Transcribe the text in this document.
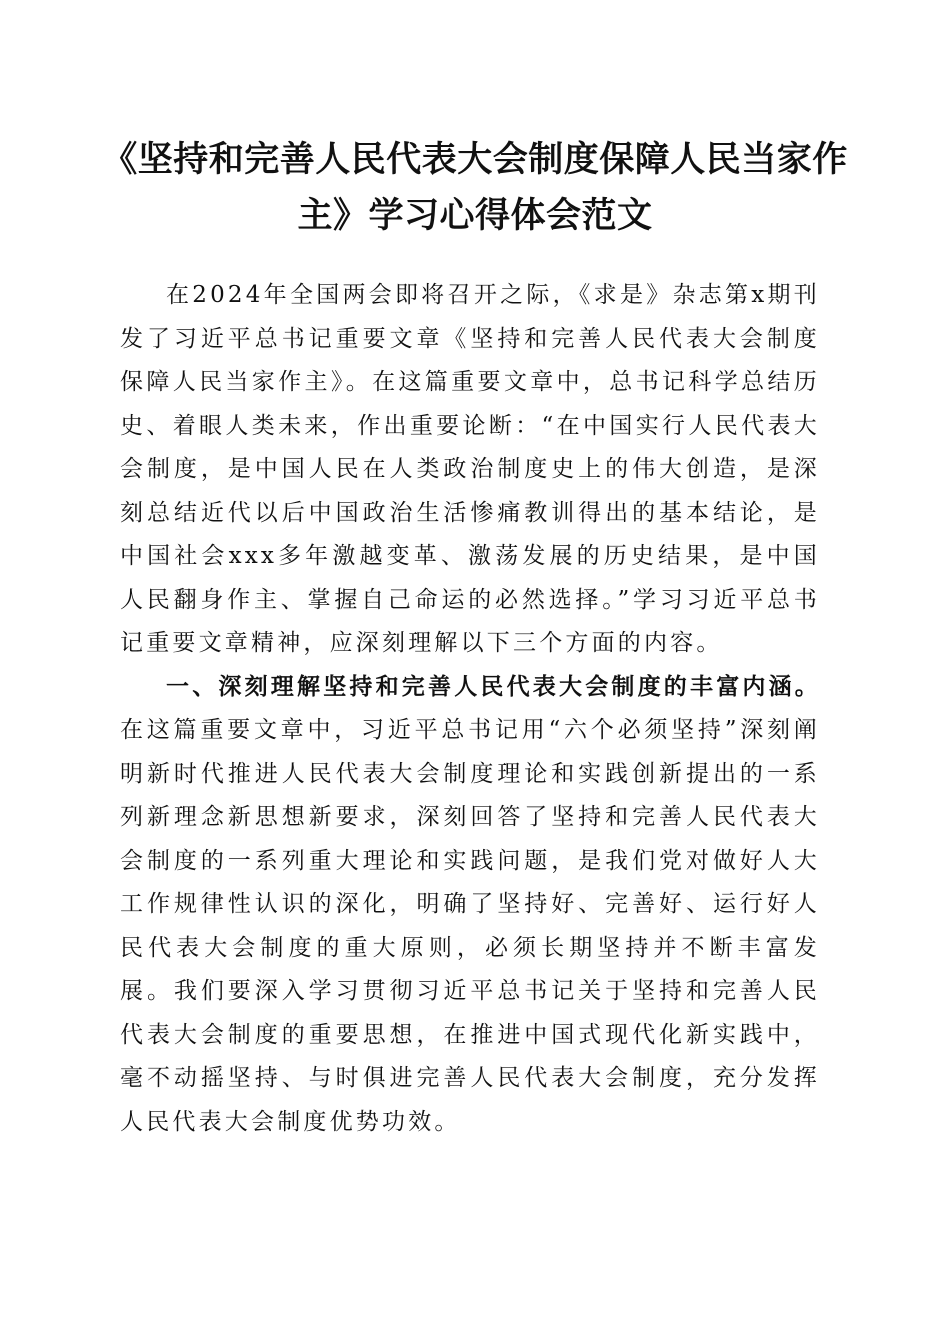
《坚持和完善人民代表大会制度保障人民当家作主》学习心得体会范文

在2024年全国两会即将召开之际，《求是》杂志第x期刊发了习近平总书记重要文章《坚持和完善人民代表大会制度保障人民当家作主》。在这篇重要文章中，总书记科学总结历史、着眼人类未来，作出重要论断：“在中国实行人民代表大会制度，是中国人民在人类政治制度史上的伟大创造，是深刻总结近代以后中国政治生活惨痛教训得出的基本结论，是中国社会xxx多年激越变革、激荡发展的历史结果，是中国人民翻身作主、掌握自己命运的必然选择。”学习习近平总书记重要文章精神，应深刻理解以下三个方面的内容。

一、深刻理解坚持和完善人民代表大会制度的丰富内涵。在这篇重要文章中，习近平总书记用“六个必须坚持”深刻阐明新时代推进人民代表大会制度理论和实践创新提出的一系列新理念新思想新要求，深刻回答了坚持和完善人民代表大会制度的一系列重大理论和实践问题，是我们党对做好人大工作规律性认识的深化，明确了坚持好、完善好、运行好人民代表大会制度的重大原则，必须长期坚持并不断丰富发展。我们要深入学习贯彻习近平总书记关于坚持和完善人民代表大会制度的重要思想，在推进中国式现代化新实践中，毫不动摇坚持、与时俱进完善人民代表大会制度，充分发挥人民代表大会制度优势功效。
